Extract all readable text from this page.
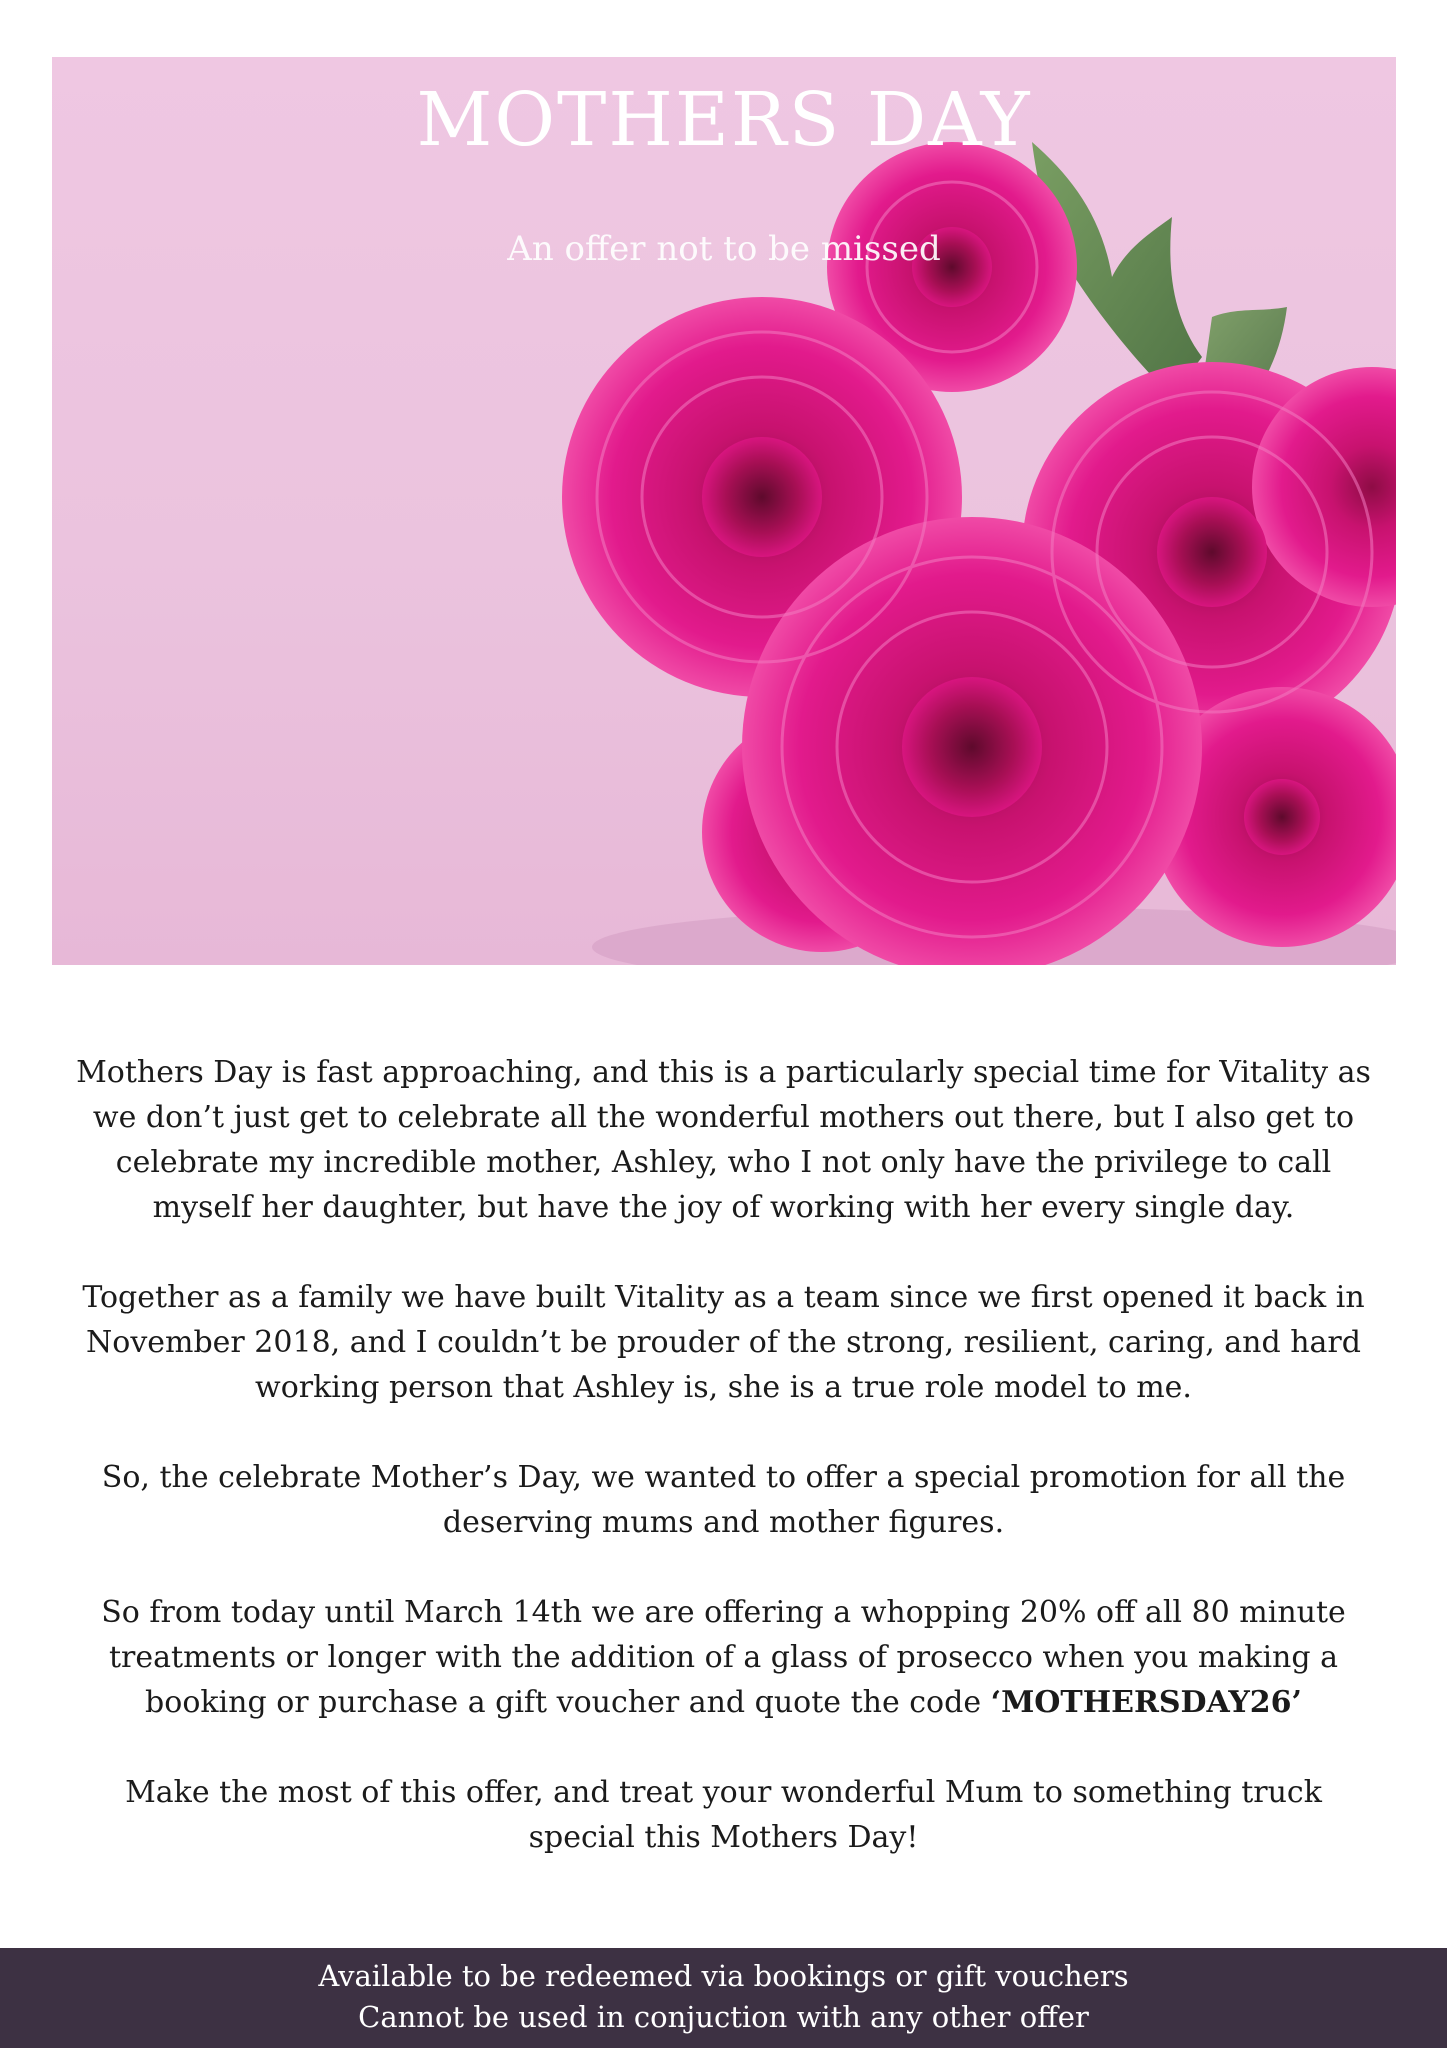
MOTHERS DAY

An offer not to be missed

Mothers Day is fast approaching, and this is a particularly special time for Vitality as we don’t just get to celebrate all the wonderful mothers out there, but I also get to celebrate my incredible mother, Ashley, who I not only have the privilege to call myself her daughter, but have the joy of working with her every single day.

Together as a family we have built Vitality as a team since we first opened it back in November 2018, and I couldn’t be prouder of the strong, resilient, caring, and hard working person that Ashley is, she is a true role model to me.

So, the celebrate Mother’s Day, we wanted to offer a special promotion for all the deserving mums and mother figures.

So from today until March 14th we are offering a whopping 20% off all 80 minute treatments or longer with the addition of a glass of prosecco when you making a booking or purchase a gift voucher and quote the code ‘MOTHERSDAY26’

Make the most of this offer, and treat your wonderful Mum to something truck special this Mothers Day!

Available to be redeemed via bookings or gift vouchers
Cannot be used in conjuction with any other offer
